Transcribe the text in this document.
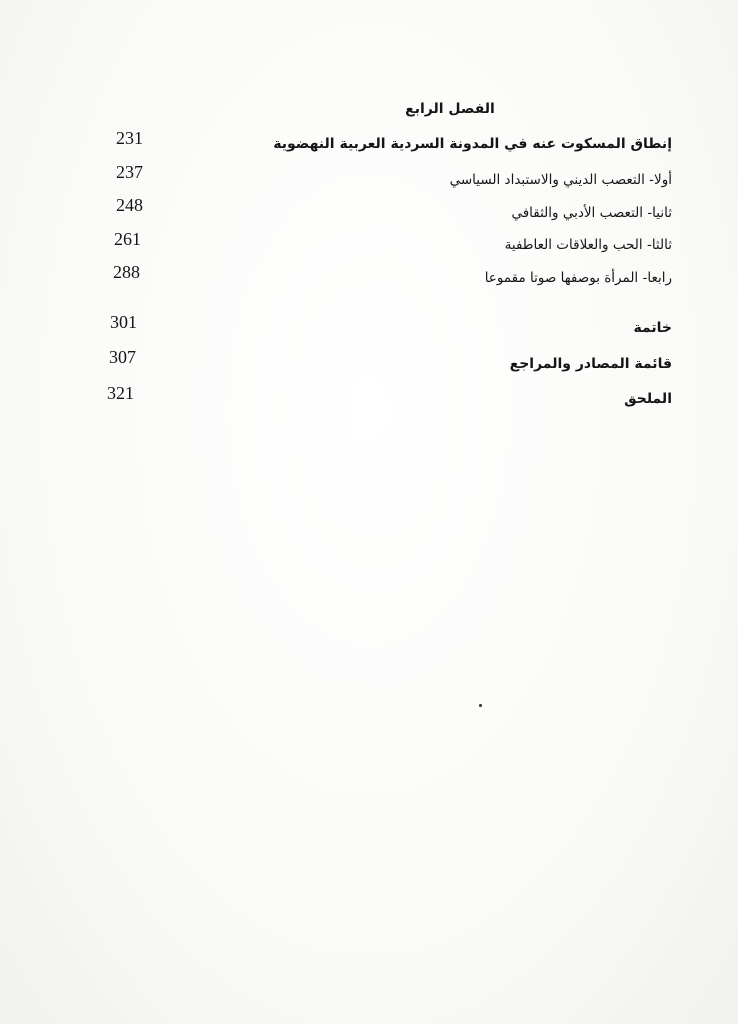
الفصل الرابع
إنطاق المسكوت عنه في المدونة السردية العربية النهضوية
231
أولا- التعصب الديني والاستبداد السياسي
237
ثانيا- التعصب الأدبي والثقافي
248
ثالثا- الحب والعلاقات العاطفية
261
رابعا- المرأة بوصفها صوتا مقموعا
288
خاتمة
301
قائمة المصادر والمراجع
307
الملحق
321
